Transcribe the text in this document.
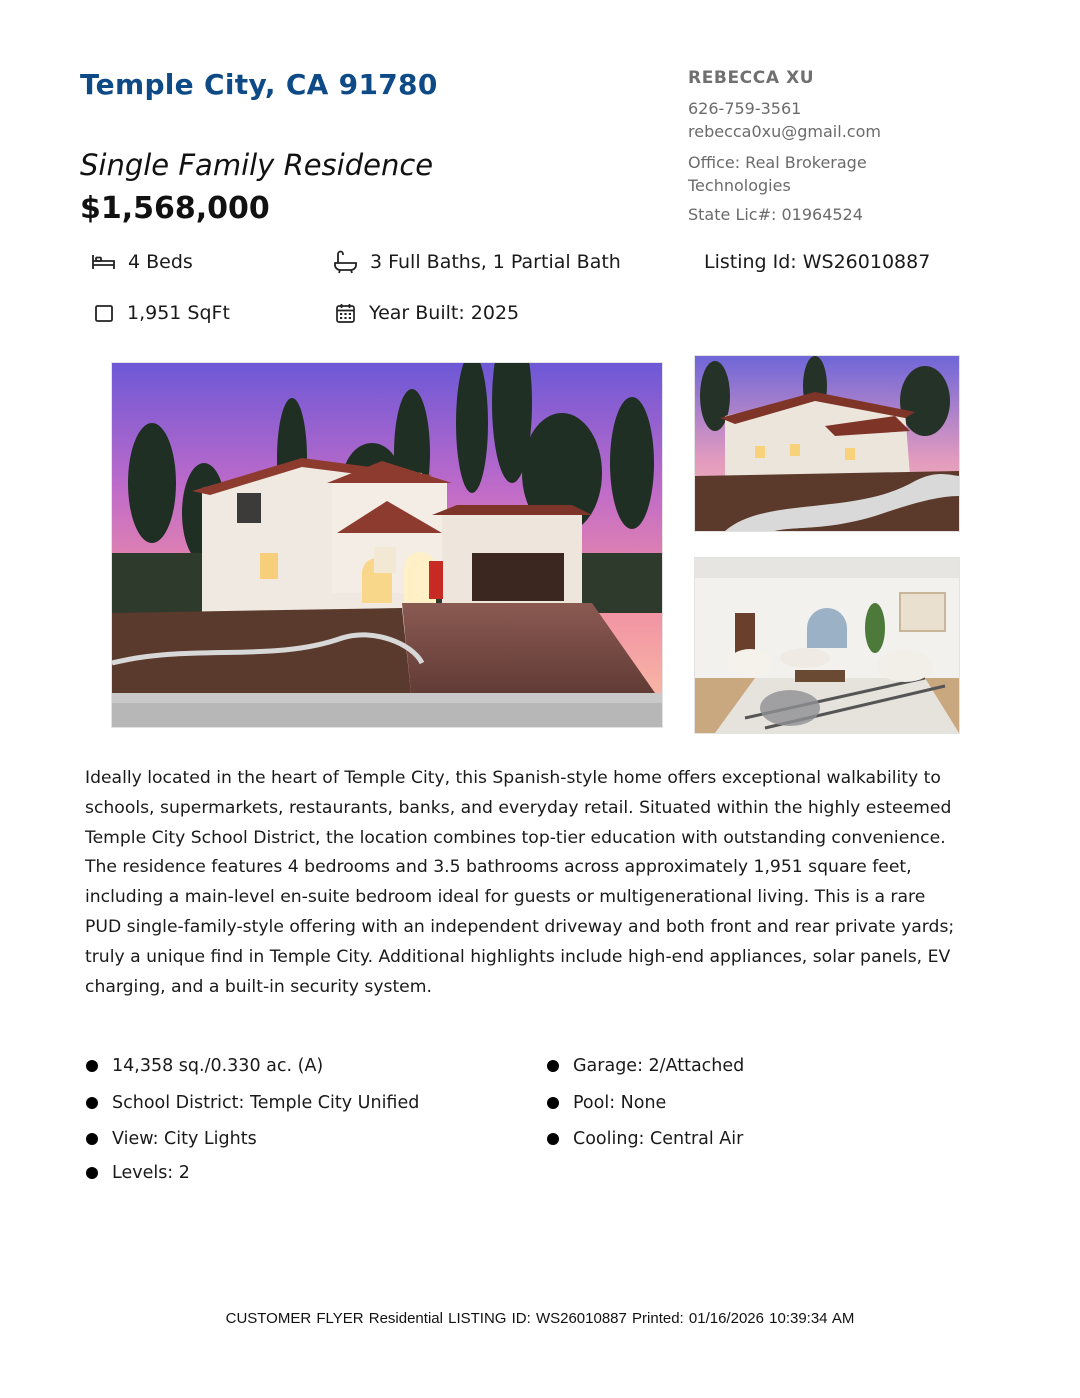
Temple City, CA 91780
Single Family Residence
$1,568,000
REBECCA XU
626-759-3561
rebecca0xu@gmail.com
Office: Real Brokerage
Technologies
State Lic#: 01964524
4 Beds	3 Full Baths, 1 Partial Bath	Listing Id: WS26010887
1,951 SqFt	Year Built: 2025

Ideally located in the heart of Temple City, this Spanish-style home offers exceptional walkability to schools, supermarkets, restaurants, banks, and everyday retail. Situated within the highly esteemed Temple City School District, the location combines top-tier education with outstanding convenience.

The residence features 4 bedrooms and 3.5 bathrooms across approximately 1,951 square feet, including a main-level en-suite bedroom ideal for guests or multigenerational living. This is a rare PUD single-family-style offering with an independent driveway and both front and rear private yards; truly a unique find in Temple City. Additional highlights include high-end appliances, solar panels, EV charging, and a built-in security system.

14,358 sq./0.330 ac. (A)
School District: Temple City Unified
View: City Lights
Levels: 2
Garage: 2/Attached
Pool: None
Cooling: Central Air
CUSTOMER FLYER Residential LISTING ID: WS26010887 Printed: 01/16/2026 10:39:34 AM
